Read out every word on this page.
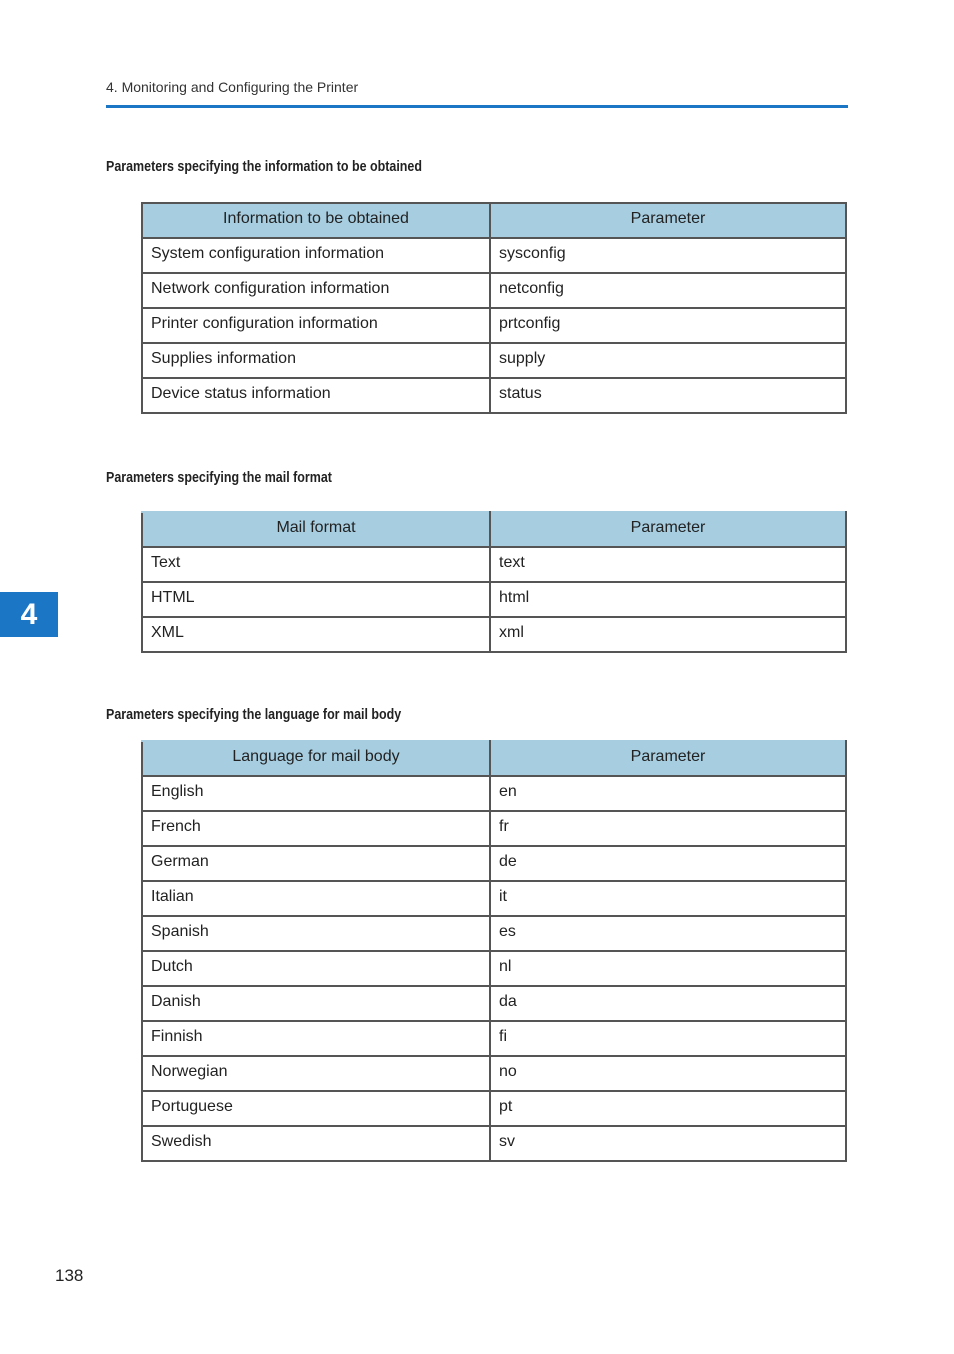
4. Monitoring and Configuring the Printer
Parameters specifying the information to be obtained
Information to be obtained	Parameter
System configuration information	sysconfig
Network configuration information	netconfig
Printer configuration information	prtconfig
Supplies information	supply
Device status information	status
Parameters specifying the mail format
Mail format	Parameter
Text	text
HTML	html
XML	xml
4
Parameters specifying the language for mail body
Language for mail body	Parameter
English	en
French	fr
German	de
Italian	it
Spanish	es
Dutch	nl
Danish	da
Finnish	fi
Norwegian	no
Portuguese	pt
Swedish	sv
138
